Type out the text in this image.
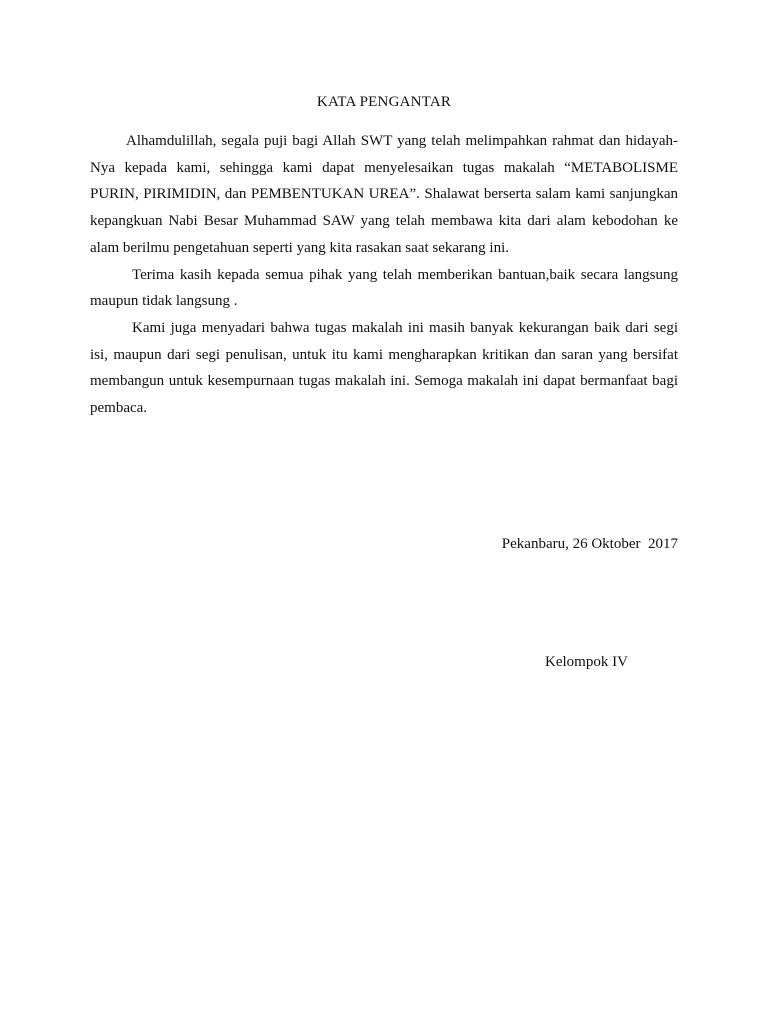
KATA PENGANTAR

Alhamdulillah, segala puji bagi Allah SWT yang telah melimpahkan rahmat dan hidayah-Nya kepada kami, sehingga kami dapat menyelesaikan tugas makalah “METABOLISME PURIN, PIRIMIDIN, dan PEMBENTUKAN UREA”. Shalawat berserta salam kami sanjungkan kepangkuan Nabi Besar Muhammad SAW yang telah membawa kita dari alam kebodohan ke alam berilmu pengetahuan seperti yang kita rasakan saat sekarang ini.

Terima kasih kepada semua pihak yang telah memberikan bantuan,baik secara langsung maupun tidak langsung .

Kami juga menyadari bahwa tugas makalah ini masih banyak kekurangan baik dari segi isi, maupun dari segi penulisan, untuk itu kami mengharapkan kritikan dan saran yang bersifat membangun untuk kesempurnaan tugas makalah ini. Semoga makalah ini dapat bermanfaat bagi pembaca.

Pekanbaru, 26 Oktober  2017
Kelompok IV
